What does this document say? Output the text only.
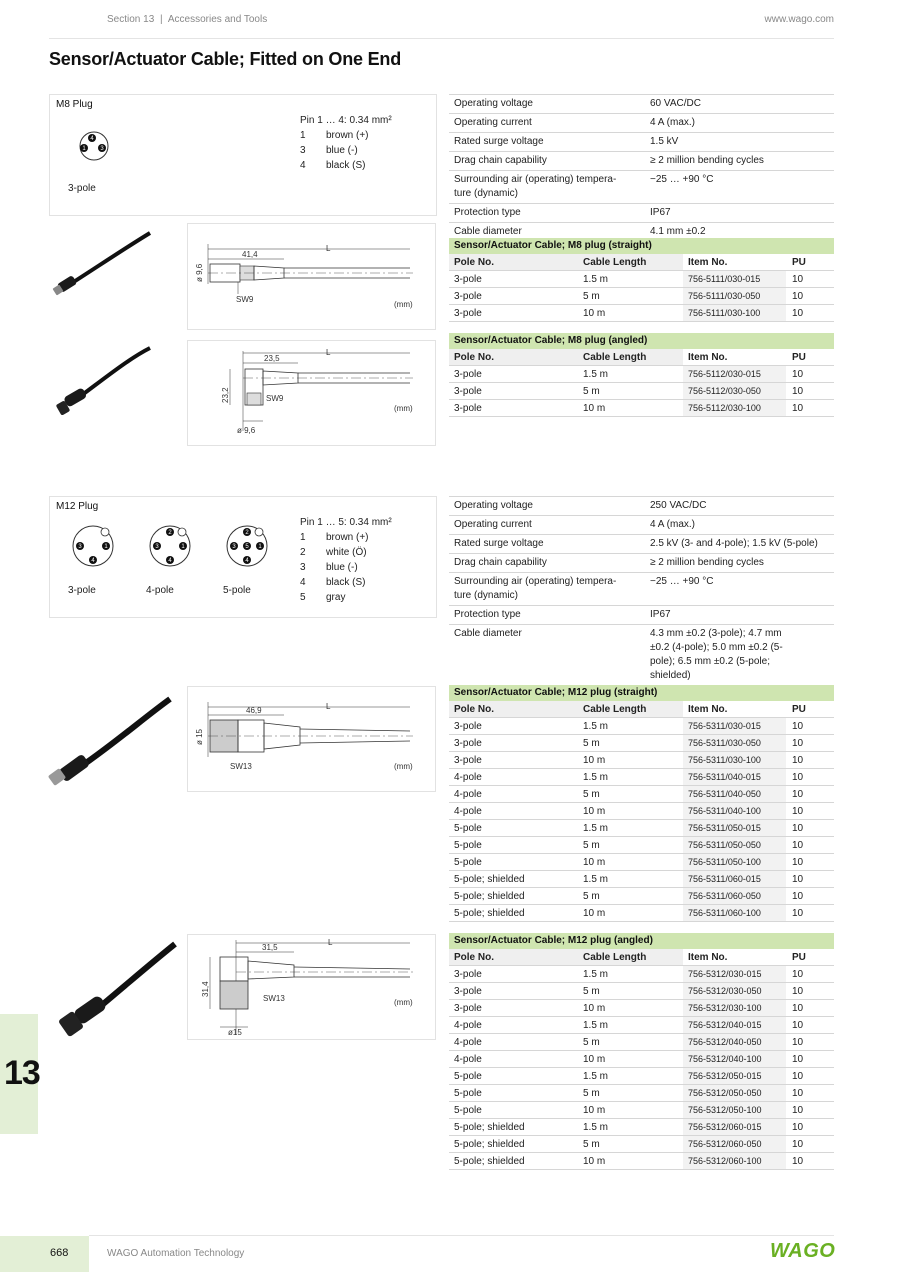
Section 13 | Accessories and Tools	www.wago.com
Sensor/Actuator Cable; Fitted on One End
M8 Plug
4
1 3
3-pole
Pin 1 … 4: 0.34 mm²
1 brown (+)
3 blue (-)
4 black (S)
Operating voltage	60 VAC/DC
Operating current	4 A (max.)
Rated surge voltage	1.5 kV
Drag chain capability	≥ 2 million bending cycles
Surrounding air (operating) tempera-ture (dynamic)
−25 … +90 °C
Protection type	IP67
Cable diameter	4.1 mm ±0.2
L
41,4
ø 9,6
SW9
(mm)
Sensor/Actuator Cable; M8 plug (straight)
Pole No.	Cable Length	Item No.	PU
3-pole	1.5 m	756-5111/030-015	10
3-pole	5 m	756-5111/030-050	10
3-pole	10 m	756-5111/030-100	10
L
23,5
23,2
ø 9,6
SW9
(mm)
Sensor/Actuator Cable; M8 plug (angled)
Pole No.	Cable Length	Item No.	PU
3-pole	1.5 m	756-5112/030-015	10
3-pole	5 m	756-5112/030-050	10
3-pole	10 m	756-5112/030-100	10
M12 Plug
3	1
4
2
3	1
4
2
3 5 1
4
3-pole	4-pole	5-pole
Pin 1 … 5: 0.34 mm²
1 brown (+)
2 white (Ö)
3 blue (-)
4 black (S)
5 gray
Operating voltage	250 VAC/DC
Operating current	4 A (max.)
Rated surge voltage	2.5 kV (3- and 4-pole); 1.5 kV (5-pole)
Drag chain capability	≥ 2 million bending cycles
Surrounding air (operating) tempera-ture (dynamic)
−25 … +90 °C
Protection type	IP67
Cable diameter	4.3 mm ±0.2 (3-pole); 4.7 mm ±0.2 (4-pole); 5.0 mm ±0.2 (5-pole); 6.5 mm ±0.2 (5-pole; shielded)
L
46,9
ø 15
SW13	(mm)
Sensor/Actuator Cable; M12 plug (straight)
Pole No.	Cable Length	Item No.	PU
3-pole	1.5 m	756-5311/030-015	10
3-pole	5 m	756-5311/030-050	10
3-pole	10 m	756-5311/030-100	10
4-pole	1.5 m	756-5311/040-015	10
4-pole	5 m	756-5311/040-050	10
4-pole	10 m	756-5311/040-100	10
5-pole	1.5 m	756-5311/050-015	10
5-pole	5 m	756-5311/050-050	10
5-pole	10 m	756-5311/050-100	10
5-pole; shielded	1.5 m	756-5311/060-015	10
5-pole; shielded	5 m	756-5311/060-050	10
5-pole; shielded	10 m	756-5311/060-100	10
L
31,5
31,4
ø15
SW13	(mm)
Sensor/Actuator Cable; M12 plug (angled)
Pole No.	Cable Length	Item No.	PU
3-pole	1.5 m	756-5312/030-015	10
3-pole	5 m	756-5312/030-050	10
3-pole	10 m	756-5312/030-100	10
4-pole	1.5 m	756-5312/040-015	10
4-pole	5 m	756-5312/040-050	10
4-pole	10 m	756-5312/040-100	10
5-pole	1.5 m	756-5312/050-015	10
5-pole	5 m	756-5312/050-050	10
5-pole	10 m	756-5312/050-100	10
5-pole; shielded	1.5 m	756-5312/060-015	10
5-pole; shielded	5 m	756-5312/060-050	10
5-pole; shielded	10 m	756-5312/060-100	10
13
668	WAGO Automation Technology	WAGO
